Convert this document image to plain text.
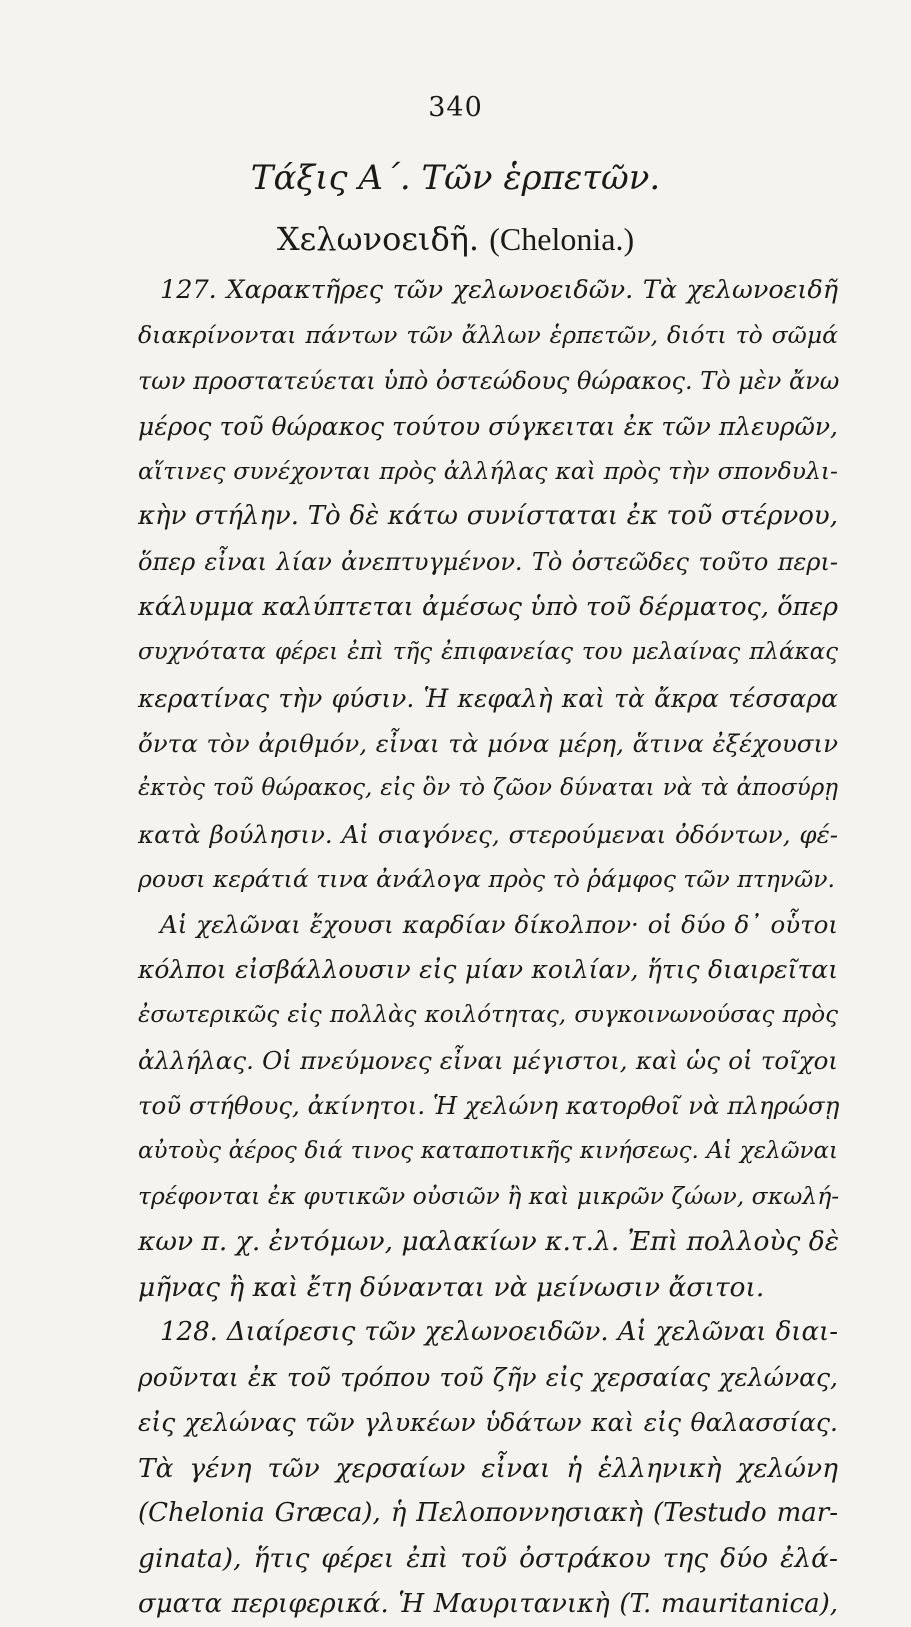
340
Τάξις Α΄. Τῶν ἑρπετῶν.
Χελωνοειδῆ. (Chelonia.)
127. Χαρακτῆρες τῶν χελωνοειδῶν. Τὰ χελωνοειδῆ
διακρίνονται πάντων τῶν ἄλλων ἑρπετῶν, διότι τὸ σῶμά
των προστατεύεται ὑπὸ ὀστεώδους θώρακος. Τὸ μὲν ἄνω
μέρος τοῦ θώρακος τούτου σύγκειται ἐκ τῶν πλευρῶν,
αἵτινες συνέχονται πρὸς ἀλλήλας καὶ πρὸς τὴν σπονδυλι-
κὴν στήλην. Τὸ δὲ κάτω συνίσταται ἐκ τοῦ στέρνου,
ὅπερ εἶναι λίαν ἀνεπτυγμένον. Τὸ ὀστεῶδες τοῦτο περι-
κάλυμμα καλύπτεται ἀμέσως ὑπὸ τοῦ δέρματος, ὅπερ
συχνότατα φέρει ἐπὶ τῆς ἐπιφανείας του μελαίνας πλάκας
κερατίνας τὴν φύσιν. Ἡ κεφαλὴ καὶ τὰ ἄκρα τέσσαρα
ὄντα τὸν ἀριθμόν, εἶναι τὰ μόνα μέρη, ἅτινα ἐξέχουσιν
ἐκτὸς τοῦ θώρακος, εἰς ὃν τὸ ζῶον δύναται νὰ τὰ ἀποσύρῃ
κατὰ βούλησιν. Αἱ σιαγόνες, στερούμεναι ὀδόντων, φέ-
ρουσι κεράτιά τινα ἀνάλογα πρὸς τὸ ῥάμφος τῶν πτηνῶν.
Αἱ χελῶναι ἔχουσι καρδίαν δίκολπον· οἱ δύο δ᾽ οὗτοι
κόλποι εἰσβάλλουσιν εἰς μίαν κοιλίαν, ἥτις διαιρεῖται
ἐσωτερικῶς εἰς πολλὰς κοιλότητας, συγκοινωνούσας πρὸς
ἀλλήλας. Οἱ πνεύμονες εἶναι μέγιστοι, καὶ ὡς οἱ τοῖχοι
τοῦ στήθους, ἀκίνητοι. Ἡ χελώνη κατορθοῖ νὰ πληρώσῃ
αὐτοὺς ἀέρος διά τινος καταποτικῆς κινήσεως. Αἱ χελῶναι
τρέφονται ἐκ φυτικῶν οὐσιῶν ἢ καὶ μικρῶν ζώων, σκωλή-
κων π. χ. ἐντόμων, μαλακίων κ.τ.λ. Ἐπὶ πολλοὺς δὲ
μῆνας ἢ καὶ ἔτη δύνανται νὰ μείνωσιν ἄσιτοι.
128. Διαίρεσις τῶν χελωνοειδῶν. Αἱ χελῶναι διαι-
ροῦνται ἐκ τοῦ τρόπου τοῦ ζῆν εἰς χερσαίας χελώνας,
εἰς χελώνας τῶν γλυκέων ὑδάτων καὶ εἰς θαλασσίας.
Τὰ γένη τῶν χερσαίων εἶναι ἡ ἑλληνικὴ χελώνη
(Chelonia Græca), ἡ Πελοποννησιακὴ (Testudo mar-
ginata), ἥτις φέρει ἐπὶ τοῦ ὀστράκου της δύο ἐλά-
σματα περιφερικά. Ἡ Μαυριτανικὴ (T. mauritanica),
